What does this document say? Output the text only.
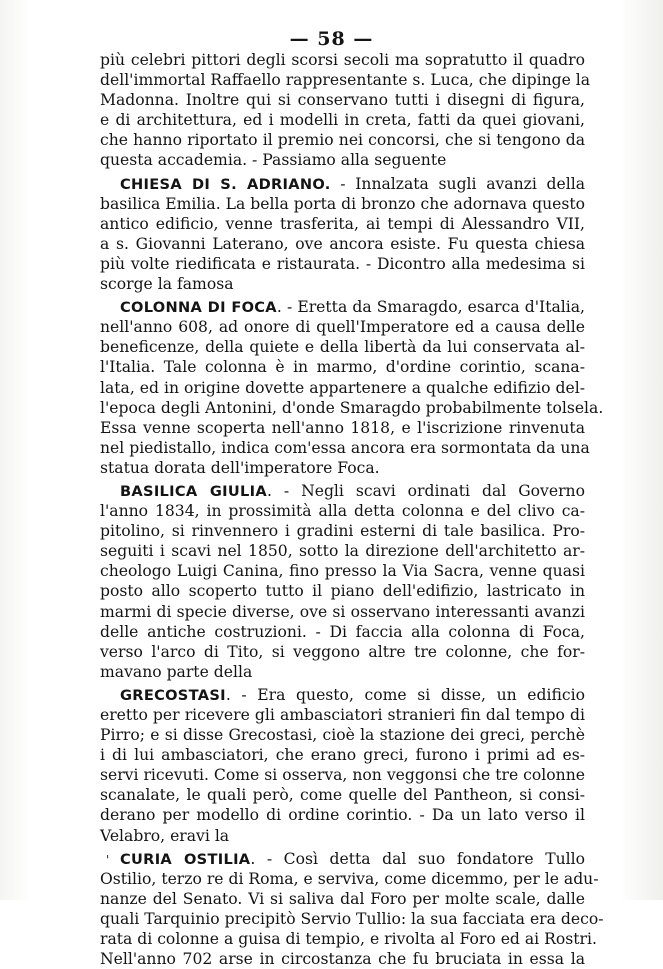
— 58 —
più celebri pittori degli scorsi secoli ma sopratutto il quadro
dell'immortal Raffaello rappresentante s. Luca, che dipinge la
Madonna. Inoltre qui si conservano tutti i disegni di figura,
e di architettura, ed i modelli in creta, fatti da quei giovani,
che hanno riportato il premio nei concorsi, che si tengono da
questa accademia. - Passiamo alla seguente
CHIESA DI S. ADRIANO. - Innalzata sugli avanzi della
basilica Emilia. La bella porta di bronzo che adornava questo
antico edificio, venne trasferita, ai tempi di Alessandro VII,
a s. Giovanni Laterano, ove ancora esiste. Fu questa chiesa
più volte riedificata e ristaurata. - Dicontro alla medesima si
scorge la famosa
COLONNA DI FOCA. - Eretta da Smaragdo, esarca d'Italia,
nell'anno 608, ad onore di quell'Imperatore ed a causa delle
beneficenze, della quiete e della libertà da lui conservata al-
l'Italia. Tale colonna è in marmo, d'ordine corintio, scana-
lata, ed in origine dovette appartenere a qualche edifizio del-
l'epoca degli Antonini, d'onde Smaragdo probabilmente tolsela.
Essa venne scoperta nell'anno 1818, e l'iscrizione rinvenuta
nel piedistallo, indica com'essa ancora era sormontata da una
statua dorata dell'imperatore Foca.
BASILICA GIULIA. - Negli scavi ordinati dal Governo
l'anno 1834, in prossimità alla detta colonna e del clivo ca-
pitolino, si rinvennero i gradini esterni di tale basilica. Pro-
seguiti i scavi nel 1850, sotto la direzione dell'architetto ar-
cheologo Luigi Canina, fino presso la Via Sacra, venne quasi
posto allo scoperto tutto il piano dell'edifizio, lastricato in
marmi di specie diverse, ove si osservano interessanti avanzi
delle antiche costruzioni. - Di faccia alla colonna di Foca,
verso l'arco di Tito, si veggono altre tre colonne, che for-
mavano parte della
GRECOSTASI. - Era questo, come si disse, un edificio
eretto per ricevere gli ambasciatori stranieri fin dal tempo di
Pirro; e si disse Grecostasi, cioè la stazione dei greci, perchè
i di lui ambasciatori, che erano greci, furono i primi ad es-
servi ricevuti. Come si osserva, non veggonsi che tre colonne
scanalate, le quali però, come quelle del Pantheon, si consi-
derano per modello di ordine corintio. - Da un lato verso il
Velabro, eravi la
' CURIA OSTILIA. - Così detta dal suo fondatore Tullo
Ostilio, terzo re di Roma, e serviva, come dicemmo, per le adu-
nanze del Senato. Vi si saliva dal Foro per molte scale, dalle
quali Tarquinio precipitò Servio Tullio: la sua facciata era deco-
rata di colonne a guisa di tempio, e rivolta al Foro ed ai Rostri.
Nell'anno 702 arse in circostanza che fu bruciata in essa la
